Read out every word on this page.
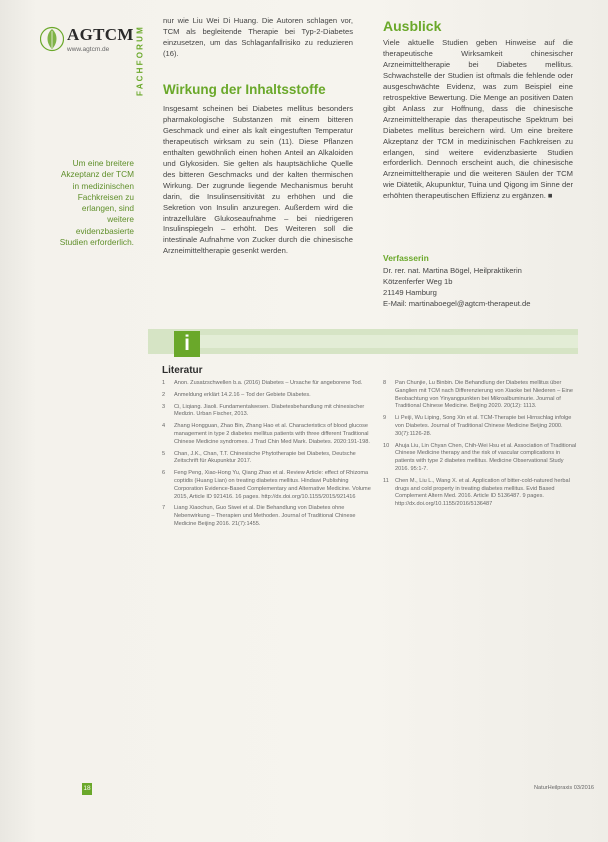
AGTCM
www.agtcm.de	FACHFORUM
Um eine breitere Akzeptanz der TCM in medizinischen Fachkreisen zu erlangen, sind weitere evidenzbasierte Studien erforderlich.
nur wie Liu Wei Di Huang. Die Autoren schlagen vor, TCM als begleitende Therapie bei Typ-2-Diabetes einzusetzen, um das Schlaganfallrisiko zu reduzieren (16).
Wirkung der Inhaltsstoffe
Insgesamt scheinen bei Diabetes mellitus besonders pharmakologische Substanzen mit einem bitteren Geschmack und einer als kalt eingestuften Temperatur therapeutisch wirksam zu sein (11). Diese Pflanzen enthalten gewöhnlich einen hohen Anteil an Alkaloiden und Glykosiden. Sie gelten als hauptsächliche Quelle des bitteren Geschmacks und der kalten thermischen Wirkung. Der zugrunde liegende Mechanismus beruht darin, die Insulinsensitivität zu erhöhen und die Sekretion von Insulin anzuregen. Außerdem wird die intrazelluläre Glukoseaufnahme – bei niedrigeren Insulinspiegeln – erhöht. Des Weiteren soll die intestinale Aufnahme von Zucker durch die chinesische Arzneimitteltherapie gesenkt werden.
Ausblick
Viele aktuelle Studien geben Hinweise auf die therapeutische Wirksamkeit chinesischer Arzneimitteltherapie bei Diabetes mellitus. Schwachstelle der Studien ist oftmals die fehlende oder ausgeschwächte Evidenz, was zum Beispiel eine retrospektive Bewertung. Die Menge an positiven Daten gibt Anlass zur Hoffnung, dass die chinesische Arzneimitteltherapie das therapeutische Spektrum bei Diabetes mellitus bereichern wird. Um eine breitere Akzeptanz der TCM in medizinischen Fachkreisen zu erlangen, sind weitere evidenzbasierte Studien erforderlich. Dennoch erscheint auch, die chinesische Arzneimitteltherapie und die weiteren Säulen der TCM wie Diätetik, Akupunktur, Tuina und Qigong im Sinne der erhöhten therapeutischen Effizienz zu ergänzen. ■
Verfasserin
Dr. rer. nat. Martina Bögel, Heilpraktikerin
Kötzenferfer Weg 1b
21149 Hamburg
E-Mail: martinaboegel@agtcm-therapeut.de
i
Literatur
1	Anon. Zusatzschwellen b.a. (2016) Diabetes – Ursache für angeborene Tod.
2	Anmeldung erklärt 14.2.16 – Tod der Gebiete Diabetes.
3	Ci, Liqiang. Jiaoli. Fundamentalwesen. Diabetesbehandlung mit chinesischer Medizin. Urban Fischer, 2013.
4	Zhang Hongguan, Zhao Bin, Zhang Hao et al. Characteristics of blood glucose management in type 2 diabetes mellitus patients with three different Traditional Chinese Medicine syndromes. J Trad Chin Med Mark. Diabetes. 2020:191-198.
5	Chan, J.K., Chan, T.T. Chinesische Phytotherapie bei Diabetes, Deutsche Zeitschrift für Akupunktur 2017.
6	Feng Peng, Xiao-Hong Yu, Qiang Zhao et al. Review Article: effect of Rhizoma coptidis (Huang Lian) on treating diabetes mellitus. Hindawi Publishing Corporation Evidence-Based Complementary and Alternative Medicine. Volume 2015, Article ID 921416. 16 pages. http://dx.doi.org/10.1155/2015/921416
7	Liang Xiaochun, Guo Siwei et al. Die Behandlung von Diabetes ohne Nebenwirkung – Therapien und Methoden. Journal of Traditional Chinese Medicine Beijing 2016. 21(7):1455.
8	Pan Chunjie, Lu Binbin. Die Behandlung der Diabetes mellitus über Ganglien mit TCM nach Differenzierung von Xiaoke bei Niederen – Eine Beobachtung von Yinyangpunkten bei Mikroalbuminurie. Journal of Traditional Chinese Medicine. Beijing 2020. 20(12): 1113.
9	Li Peiji, Wu Liping, Song Xin et al. TCM-Therapie bei Hirnschlag infolge von Diabetes. Journal of Traditional Chinese Medicine Beijing 2000. 30(7):1126-28.
10	Ahuja Liu, Lin Chyan Chen, Chih-Wei Hsu et al. Association of Traditional Chinese Medicine therapy and the risk of vascular complications in patients with type 2 diabetes mellitus. Medicine Observational Study 2016. 95:1-7.
11	Chen M., Liu L., Wang X. et al. Application of bitter-cold-natured herbal drugs and cold property in treating diabetes mellitus. Evid Based Complement Altern Med. 2016. Article ID 5136487. 9 pages. http://dx.doi.org/10.1155/2016/5136487
18	NaturHeilpraxis 03/2016
